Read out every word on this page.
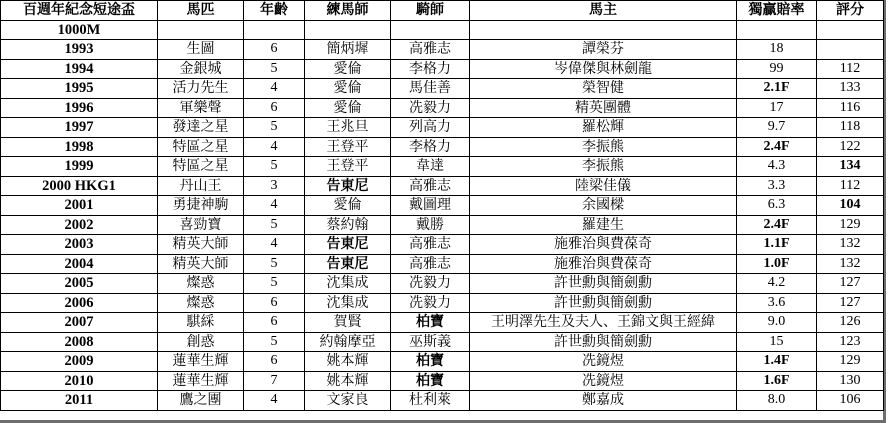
百週年紀念短途盃	馬匹	年齡	練馬師	騎師	馬主	獨贏賠率	評分
1000M							
1993	生圖	6	簡炳墀	高雅志	譚榮芬	18	
1994	金銀城	5	愛倫	李格力	岑偉傑與林劍龍	99	112
1995	活力先生	4	愛倫	馬佳善	榮智健	2.1F	133
1996	軍樂聲	6	愛倫	冼毅力	精英團體	17	116
1997	發達之星	5	王兆旦	列高力	羅松輝	9.7	118
1998	特區之星	4	王登平	李格力	李振熊	2.4F	122
1999	特區之星	5	王登平	韋達	李振熊	4.3	134
2000 HKG1	丹山王	3	告東尼	高雅志	陸梁佳儀	3.3	112
2001	勇捷神駒	4	愛倫	戴圖理	余國樑	6.3	104
2002	喜勁寶	5	蔡約翰	戴勝	羅建生	2.4F	129
2003	精英大師	4	告東尼	高雅志	施雅治與費葆奇	1.1F	132
2004	精英大師	5	告東尼	高雅志	施雅治與費葆奇	1.0F	132
2005	燦惑	5	沈集成	冼毅力	許世勳與簡劍勳	4.2	127
2006	燦惑	6	沈集成	冼毅力	許世勳與簡劍勳	3.6	127
2007	騏綵	6	賀賢	柏寶	王明澤先生及夫人、王錦文與王經緯	9.0	126
2008	創惑	5	約翰摩亞	巫斯義	許世勳與簡劍勳	15	123
2009	蓮華生輝	6	姚本輝	柏寶	冼鏡煜	1.4F	129
2010	蓮華生輝	7	姚本輝	柏寶	冼鏡煜	1.6F	130
2011	鷹之團	4	文家良	杜利萊	鄭嘉成	8.0	106
